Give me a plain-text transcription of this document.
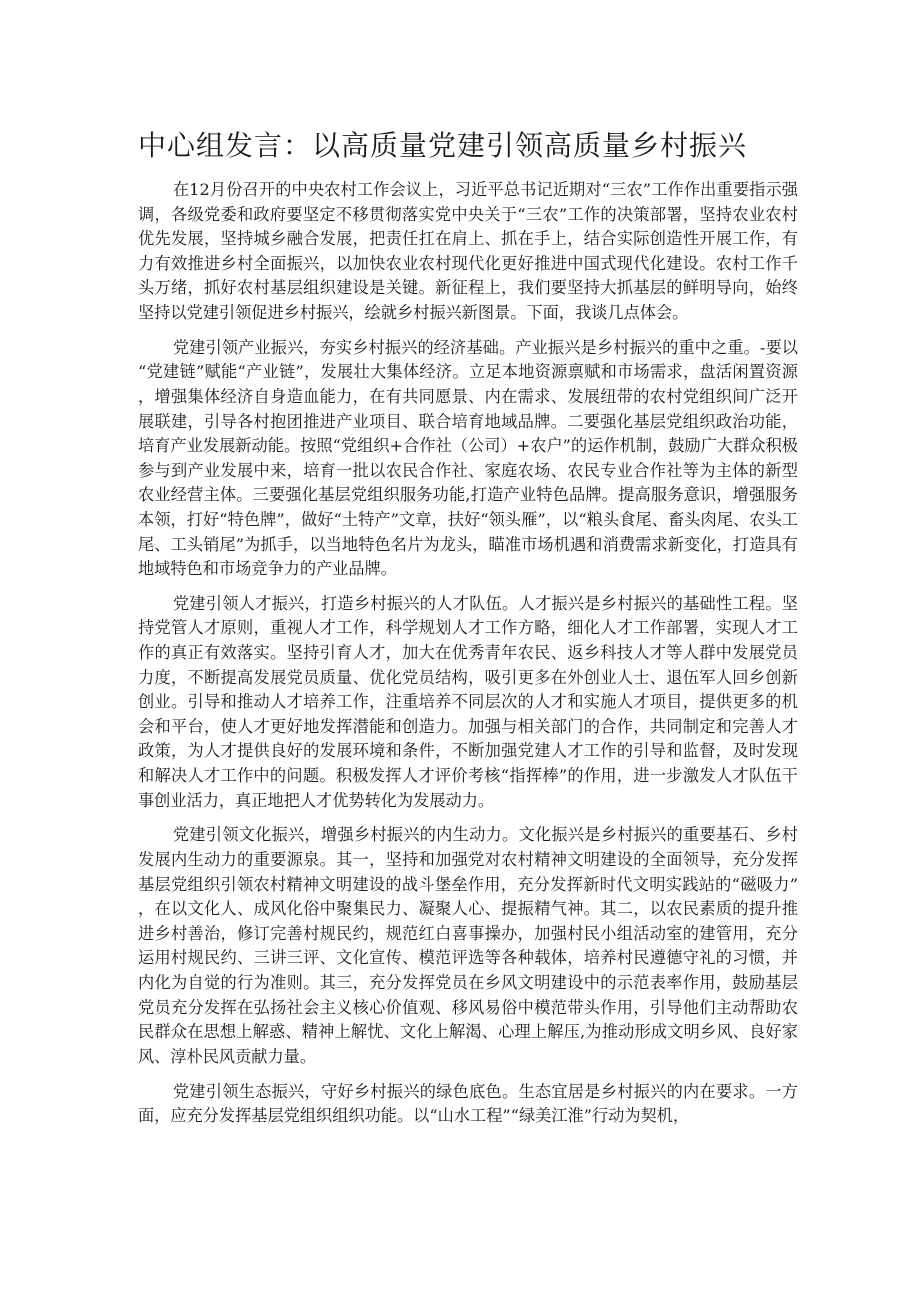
中心组发言：以高质量党建引领高质量乡村振兴

在12月份召开的中央农村工作会议上，习近平总书记近期对“三农”工作作出重要指示强调，各级党委和政府要坚定不移贯彻落实党中央关于“三农”工作的决策部署，坚持农业农村优先发展，坚持城乡融合发展，把责任扛在肩上、抓在手上，结合实际创造性开展工作，有力有效推进乡村全面振兴，以加快农业农村现代化更好推进中国式现代化建设。农村工作千头万绪，抓好农村基层组织建设是关键。新征程上，我们要坚持大抓基层的鲜明导向，始终坚持以党建引领促进乡村振兴，绘就乡村振兴新图景。下面，我谈几点体会。

党建引领产业振兴，夯实乡村振兴的经济基础。产业振兴是乡村振兴的重中之重。-要以“党建链”赋能“产业链”，发展壮大集体经济。立足本地资源禀赋和市场需求，盘活闲置资源，增强集体经济自身造血能力，在有共同愿景、内在需求、发展纽带的农村党组织间广泛开展联建，引导各村抱团推进产业项目、联合培育地域品牌。二要强化基层党组织政治功能，培育产业发展新动能。按照“党组织+合作社（公司）+农户”的运作机制，鼓励广大群众积极参与到产业发展中来，培育一批以农民合作社、家庭农场、农民专业合作社等为主体的新型农业经营主体。三要强化基层党组织服务功能,打造产业特色品牌。提高服务意识，增强服务本领，打好“特色牌”，做好“土特产”文章，扶好“领头雁”，以“粮头食尾、畜头肉尾、农头工尾、工头销尾”为抓手，以当地特色名片为龙头，瞄准市场机遇和消费需求新变化，打造具有地域特色和市场竞争力的产业品牌。

党建引领人才振兴，打造乡村振兴的人才队伍。人才振兴是乡村振兴的基础性工程。坚持党管人才原则，重视人才工作，科学规划人才工作方略，细化人才工作部署，实现人才工作的真正有效落实。坚持引育人才，加大在优秀青年农民、返乡科技人才等人群中发展党员力度，不断提高发展党员质量、优化党员结构，吸引更多在外创业人士、退伍军人回乡创新创业。引导和推动人才培养工作，注重培养不同层次的人才和实施人才项目，提供更多的机会和平台，使人才更好地发挥潜能和创造力。加强与相关部门的合作，共同制定和完善人才政策，为人才提供良好的发展环境和条件，不断加强党建人才工作的引导和监督，及时发现和解决人才工作中的问题。积极发挥人才评价考核“指挥棒”的作用，进一步激发人才队伍干事创业活力，真正地把人才优势转化为发展动力。

党建引领文化振兴，增强乡村振兴的内生动力。文化振兴是乡村振兴的重要基石、乡村发展内生动力的重要源泉。其一，坚持和加强党对农村精神文明建设的全面领导，充分发挥基层党组织引领农村精神文明建设的战斗堡垒作用，充分发挥新时代文明实践站的“磁吸力”，在以文化人、成风化俗中聚集民力、凝聚人心、提振精气神。其二，以农民素质的提升推进乡村善治，修订完善村规民约，规范红白喜事操办，加强村民小组活动室的建管用，充分运用村规民约、三讲三评、文化宣传、模范评选等各种载体，培养村民遵德守礼的习惯，并内化为自觉的行为准则。其三，充分发挥党员在乡风文明建设中的示范表率作用，鼓励基层党员充分发挥在弘扬社会主义核心价值观、移风易俗中模范带头作用，引导他们主动帮助农民群众在思想上解惑、精神上解忧、文化上解渴、心理上解压,为推动形成文明乡风、良好家风、淳朴民风贡献力量。

党建引领生态振兴，守好乡村振兴的绿色底色。生态宜居是乡村振兴的内在要求。一方面，应充分发挥基层党组织组织功能。以“山水工程”“绿美江淮”行动为契机，
